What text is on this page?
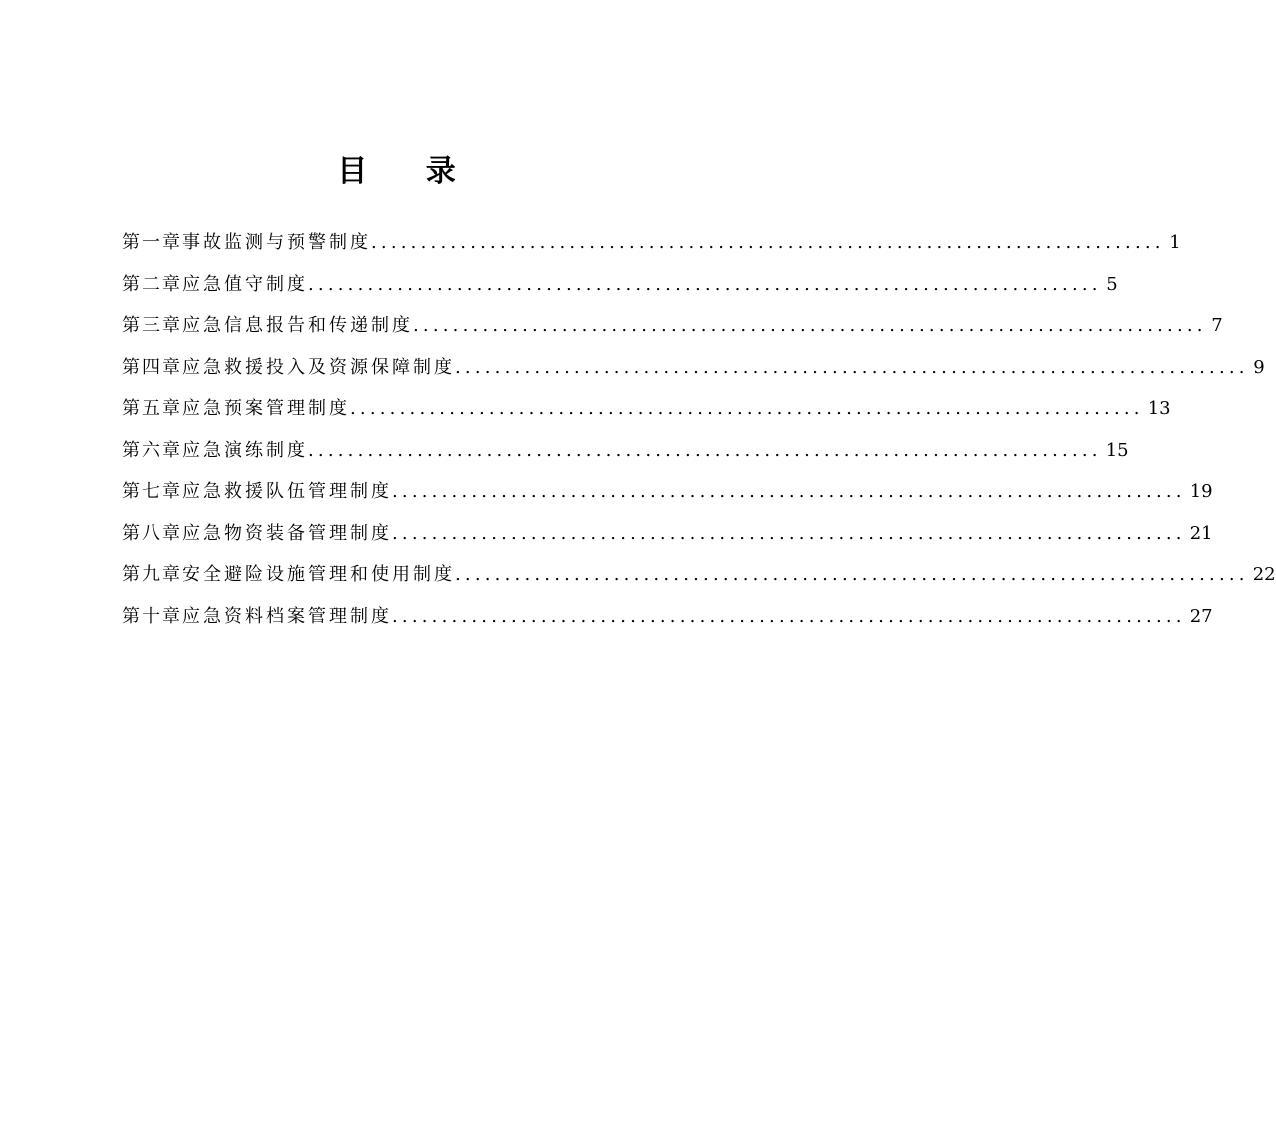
目 录
第一章 事故监测与预警制度 ................................................................................ 1
第二章 应急值守制度 ................................................................................ 5
第三章 应急信息报告和传递制度 ................................................................................ 7
第四章 应急救援投入及资源保障制度 ................................................................................ 9
第五章 应急预案管理制度 ................................................................................ 13
第六章 应急演练制度 ................................................................................ 15
第七章 应急救援队伍管理制度 ................................................................................ 19
第八章 应急物资装备管理制度 ................................................................................ 21
第九章 安全避险设施管理和使用制度 ................................................................................ 22
第十章 应急资料档案管理制度 ................................................................................ 27
